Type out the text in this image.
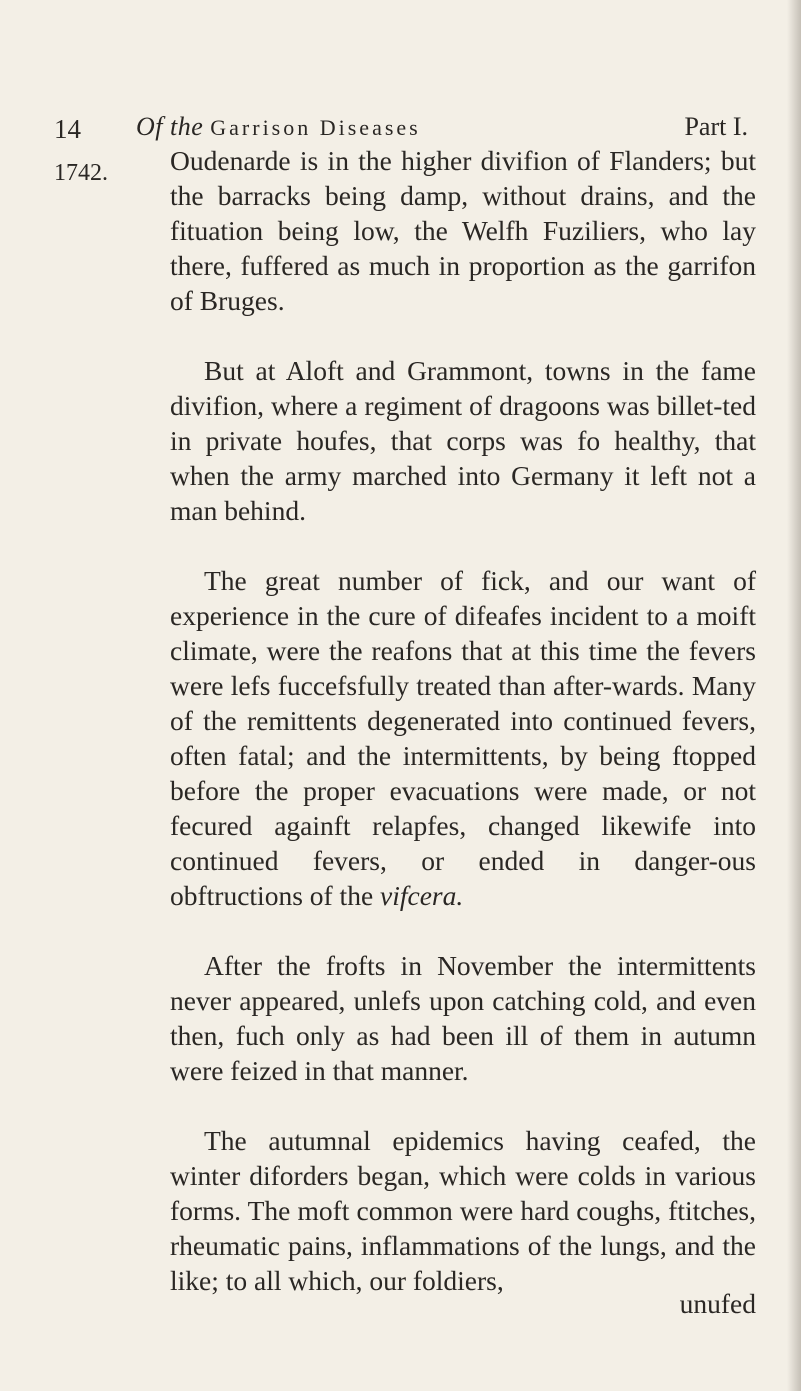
14 Of the Garrison Diseases	Part I.
1742. Oudenarde is in the higher divifion of Flanders; but the barracks being damp, without drains, and the fituation being low, the Welfh Fuziliers, who lay there, fuffered as much in proportion as the garrifon of Bruges.

But at Aloft and Grammont, towns in the fame divifion, where a regiment of dragoons was billet-ted in private houfes, that corps was fo healthy, that when the army marched into Germany it left not a man behind.

The great number of fick, and our want of experience in the cure of difeafes incident to a moift climate, were the reafons that at this time the fevers were lefs fuccefsfully treated than after-wards. Many of the remittents degenerated into continued fevers, often fatal; and the intermittents, by being ftopped before the proper evacuations were made, or not fecured againft relapfes, changed likewife into continued fevers, or ended in danger-ous obftructions of the vifcera.

After the frofts in November the intermittents never appeared, unlefs upon catching cold, and even then, fuch only as had been ill of them in autumn were feized in that manner.

The autumnal epidemics having ceafed, the winter diforders began, which were colds in various forms. The moft common were hard coughs, ftitches, rheumatic pains, inflammations of the lungs, and the like; to all which, our foldiers,

unufed
